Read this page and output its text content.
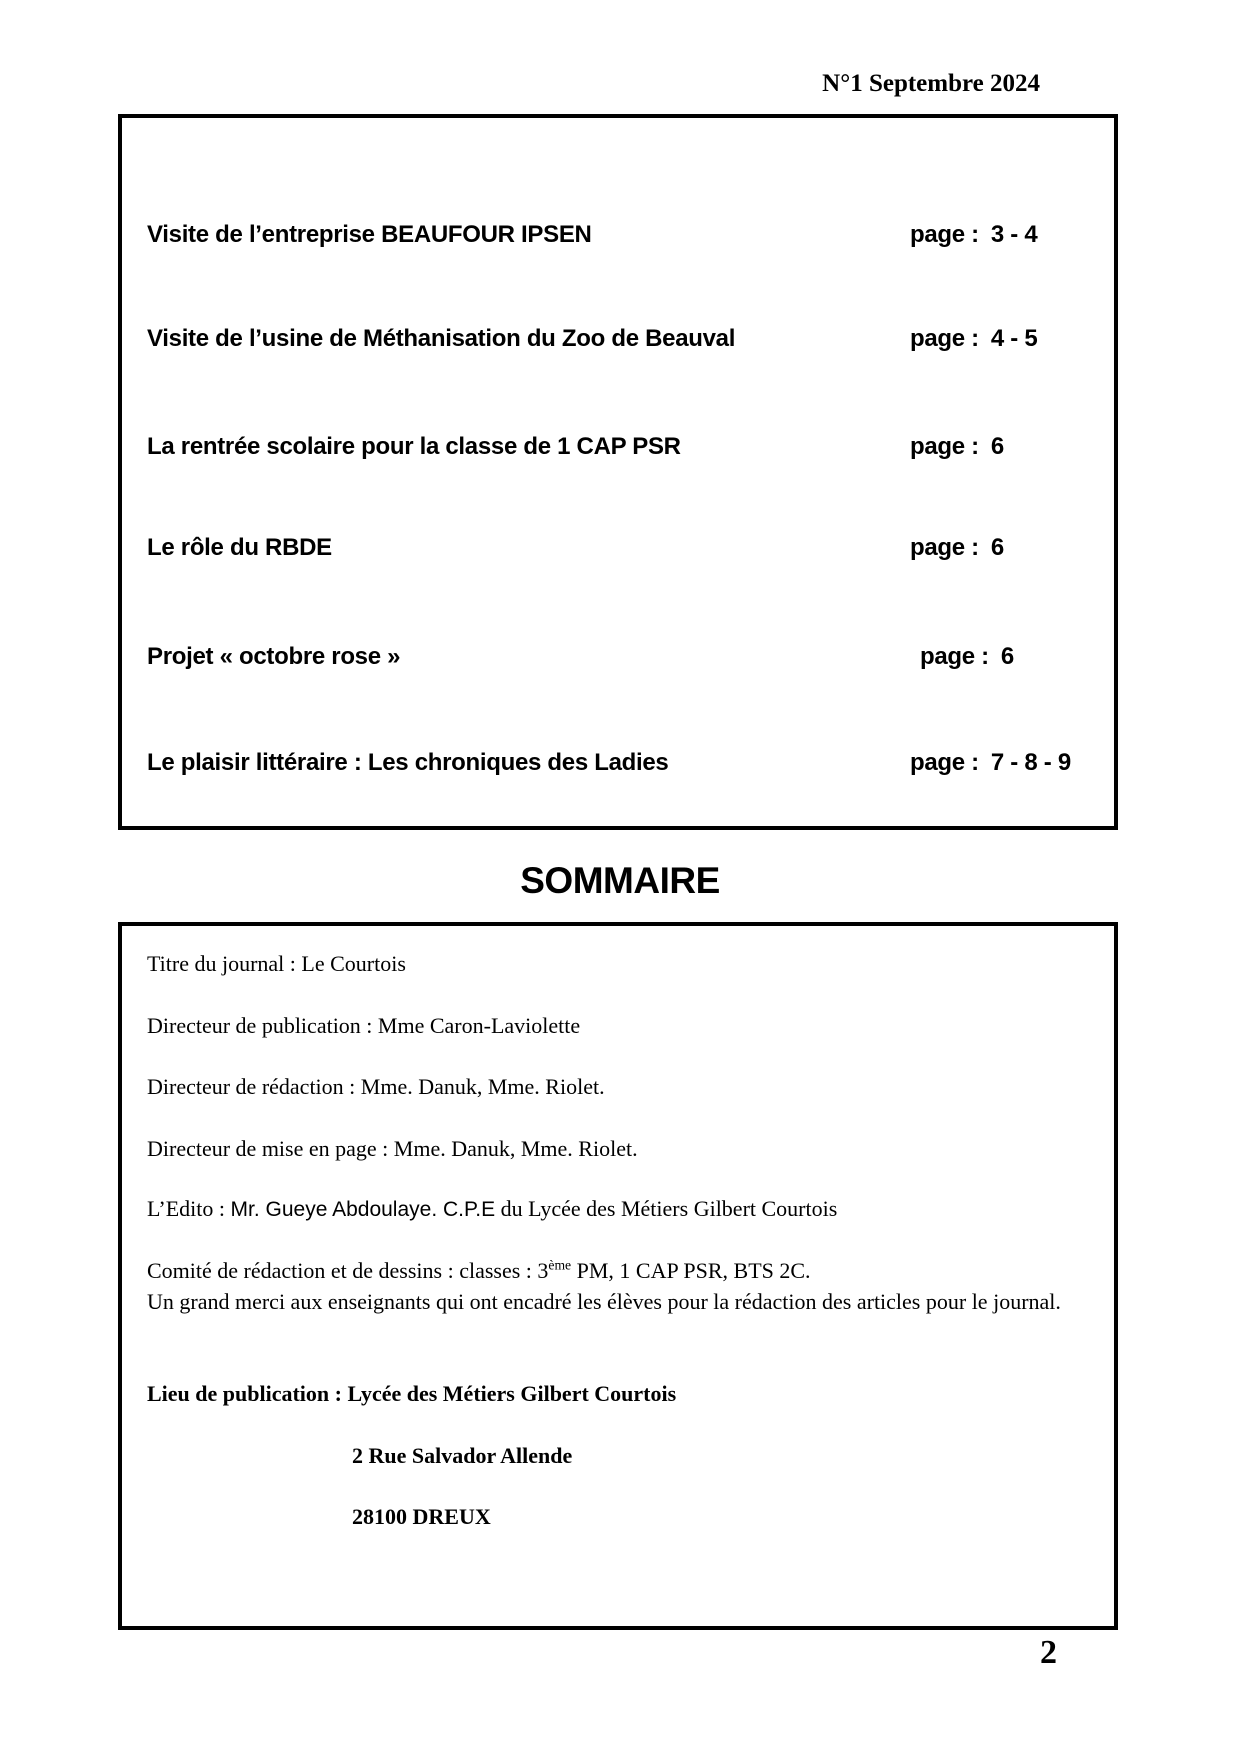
N°1 Septembre 2024
Visite de l’entreprise BEAUFOUR IPSEN	page : 3 - 4
Visite de l’usine de Méthanisation du Zoo de Beauval	page : 4 - 5
La rentrée scolaire pour la classe de 1 CAP PSR	page : 6
Le rôle du RBDE	page : 6
Projet « octobre rose »	page : 6
Le plaisir littéraire : Les chroniques des Ladies	page : 7 - 8 - 9
SOMMAIRE

Titre du journal : Le Courtois

Directeur de publication : Mme Caron-Laviolette

Directeur de rédaction : Mme. Danuk, Mme. Riolet.

Directeur de mise en page : Mme. Danuk, Mme. Riolet.

L’Edito : Mr. Gueye Abdoulaye. C.P.E du Lycée des Métiers Gilbert Courtois

Comité de rédaction et de dessins : classes : 3ème PM, 1 CAP PSR, BTS 2C.

Un grand merci aux enseignants qui ont encadré les élèves pour la rédaction des articles pour le journal.

Lieu de publication : Lycée des Métiers Gilbert Courtois

2 Rue Salvador Allende

28100 DREUX

2
